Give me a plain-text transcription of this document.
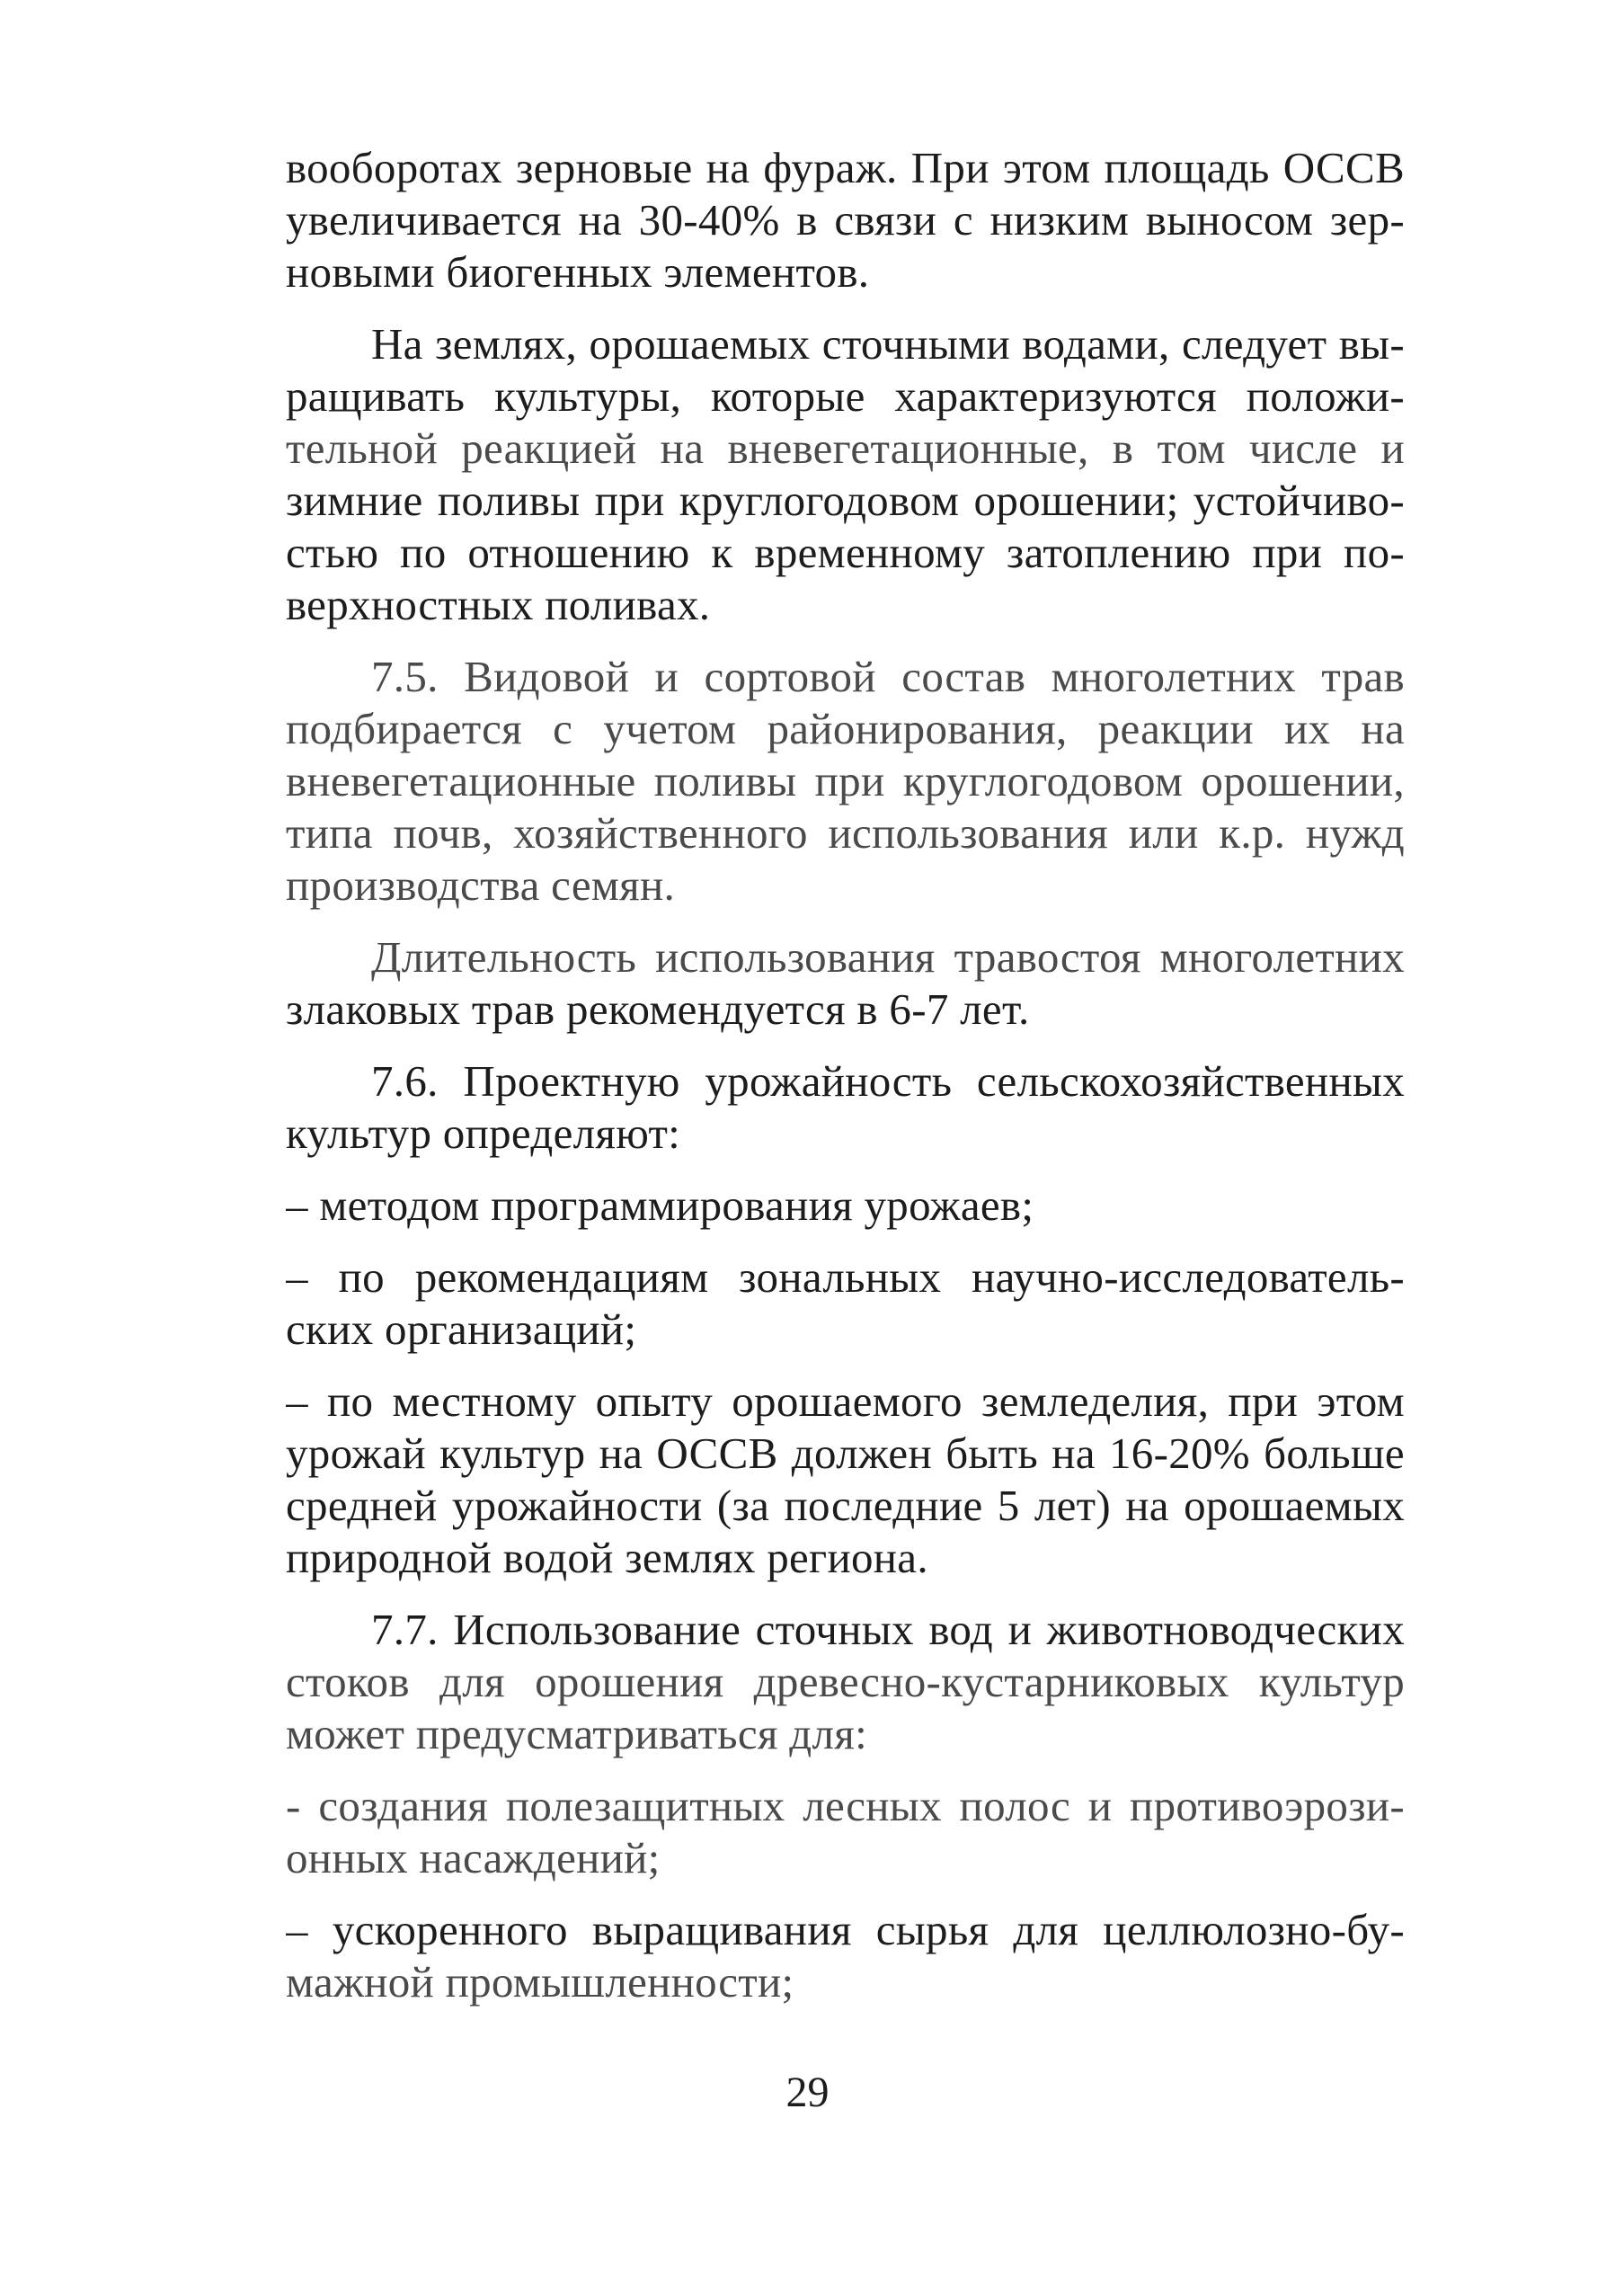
вооборотах зерновые на фураж. При этом площадь ОССВ
увеличивается на 30-40% в связи с низким выносом зер-
новыми биогенных элементов.
На землях, орошаемых сточными водами, следует вы-
ращивать культуры, которые характеризуются положи-
тельной реакцией на вневегетационные, в том числе и
зимние поливы при круглогодовом орошении; устойчиво-
стью по отношению к временному затоплению при по-
верхностных поливах.
7.5. Видовой и сортовой состав многолетних трав
подбирается с учетом районирования, реакции их на
вневегетационные поливы при круглогодовом орошении,
типа почв, хозяйственного использования или к.р. нужд
производства семян.
Длительность использования травостоя многолетних
злаковых трав рекомендуется в 6-7 лет.
7.6. Проектную урожайность сельскохозяйственных
культур определяют:
– методом программирования урожаев;
– по рекомендациям зональных научно-исследователь-
ских организаций;
– по местному опыту орошаемого земледелия, при этом
урожай культур на ОССВ должен быть на 16-20% больше
средней урожайности (за последние 5 лет) на орошаемых
природной водой землях региона.
7.7. Использование сточных вод и животноводческих
стоков для орошения древесно-кустарниковых культур
может предусматриваться для:
- создания полезащитных лесных полос и противоэрози-
онных насаждений;
– ускоренного выращивания сырья для целлюлозно-бу-
мажной промышленности;
29
